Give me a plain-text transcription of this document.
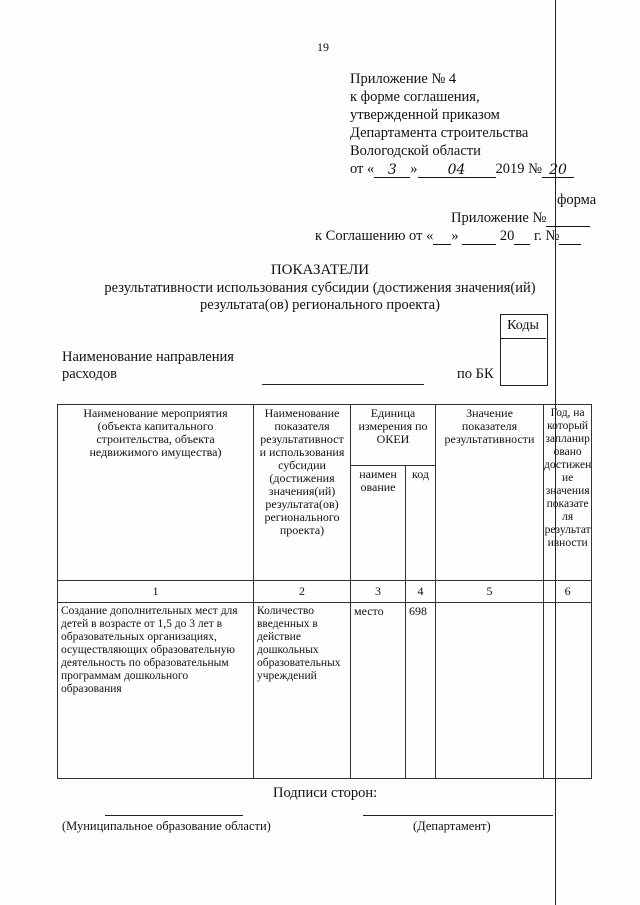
19
Приложение № 4
к форме соглашения,
утвержденной приказом
Департамента строительства
Вологодской области
от « 3 » 04 2019 № 20
форма
Приложение №
к Соглашению от « »	20 г. №
ПОКАЗАТЕЛИ
результативности использования субсидии (достижения значения(ий)
результата(ов) регионального проекта)
Коды
Наименование направления
расходов	по БК
Наименование мероприятия (объекта капитального строительства, объекта недвижимого имущества)	Наименование показателя результативност и использования субсидии (достижения значения(ий) результата(ов) регионального проекта)	Единица измерения по ОКЕИ		Значение показателя результативности	Год, на который запланир овано достижен ие значения показате ля результат ивности
		наимен ование	код		
1	2	3	4	5	6
Создание дополнительных мест для детей в возрасте от 1,5 до 3 лет в образовательных организациях, осуществляющих образовательную деятельность по образовательным программам дошкольного образования	Количество введенных в действие дошкольных образовательных учреждений	место	698		
Подписи сторон:
(Муниципальное образование области)	(Департамент)
